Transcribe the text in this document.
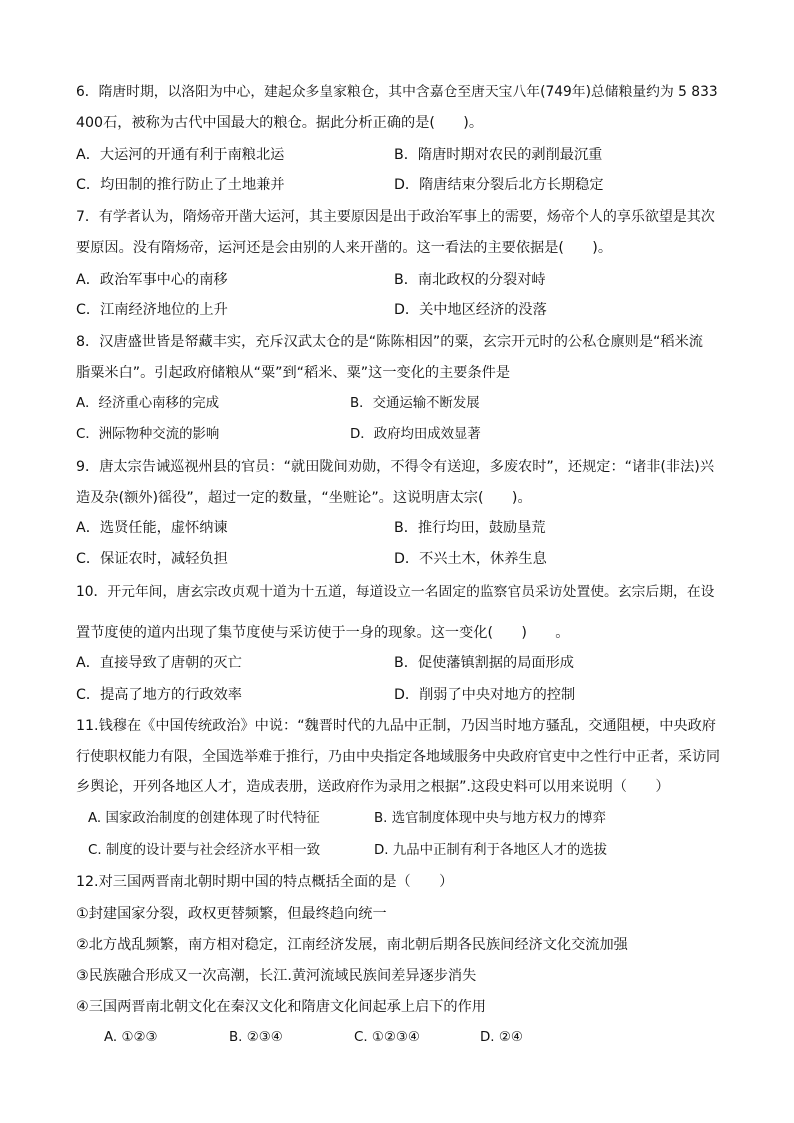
6．隋唐时期，以洛阳为中心，建起众多皇家粮仓，其中含嘉仓至唐天宝八年(749年)总储粮量约为 5 833
400石，被称为古代中国最大的粮仓。据此分析正确的是(　　)。
A．大运河的开通有利于南粮北运	B．隋唐时期对农民的剥削最沉重
C．均田制的推行防止了土地兼并	D．隋唐结束分裂后北方长期稳定
7．有学者认为，隋炀帝开凿大运河，其主要原因是出于政治军事上的需要，炀帝个人的享乐欲望是其次
要原因。没有隋炀帝，运河还是会由别的人来开凿的。这一看法的主要依据是(　　)。
A．政治军事中心的南移	B．南北政权的分裂对峙
C．江南经济地位的上升	D．关中地区经济的没落
8．汉唐盛世皆是帑藏丰实，充斥汉武太仓的是“陈陈相因”的粟，玄宗开元时的公私仓廪则是“稻米流
脂粟米白”。引起政府储粮从“粟”到“稻米、粟”这一变化的主要条件是
A．经济重心南移的完成	B．交通运输不断发展
C．洲际物种交流的影响	D．政府均田成效显著
9．唐太宗告诫巡视州县的官员：“就田陇间劝勋，不得令有送迎，多废农时”，还规定：“诸非(非法)兴
造及杂(额外)徭役”，超过一定的数量，“坐赃论”。这说明唐太宗(　　)。
A．选贤任能，虚怀纳谏	B．推行均田，鼓励垦荒
C．保证农时，减轻负担	D．不兴土木，休养生息
10．开元年间，唐玄宗改贞观十道为十五道，每道设立一名固定的监察官员采访处置使。玄宗后期，在设
置节度使的道内出现了集节度使与采访使于一身的现象。这一变化(　　)　　。
A．直接导致了唐朝的灭亡	B．促使藩镇割据的局面形成
C．提高了地方的行政效率	D．削弱了中央对地方的控制
11.钱穆在《中国传统政治》中说：“魏晋时代的九品中正制，乃因当时地方骚乱，交通阻梗，中央政府
行使职权能力有限，全国选举难于推行，乃由中央指定各地域服务中央政府官吏中之性行中正者，采访同
乡舆论，开列各地区人才，造成表册，送政府作为录用之根据”.这段史料可以用来说明（　　）
A. 国家政治制度的创建体现了时代特征	B. 选官制度体现中央与地方权力的博弈
C. 制度的设计要与社会经济水平相一致	D. 九品中正制有利于各地区人才的选拔
12.对三国两晋南北朝时期中国的特点概括全面的是（　　）
①封建国家分裂，政权更替频繁，但最终趋向统一
②北方战乱频繁，南方相对稳定，江南经济发展，南北朝后期各民族间经济文化交流加强
③民族融合形成又一次高潮，长江.黄河流域民族间差异逐步消失
④三国两晋南北朝文化在秦汉文化和隋唐文化间起承上启下的作用
A. ①②③	B. ②③④	C. ①②③④	D. ②④
